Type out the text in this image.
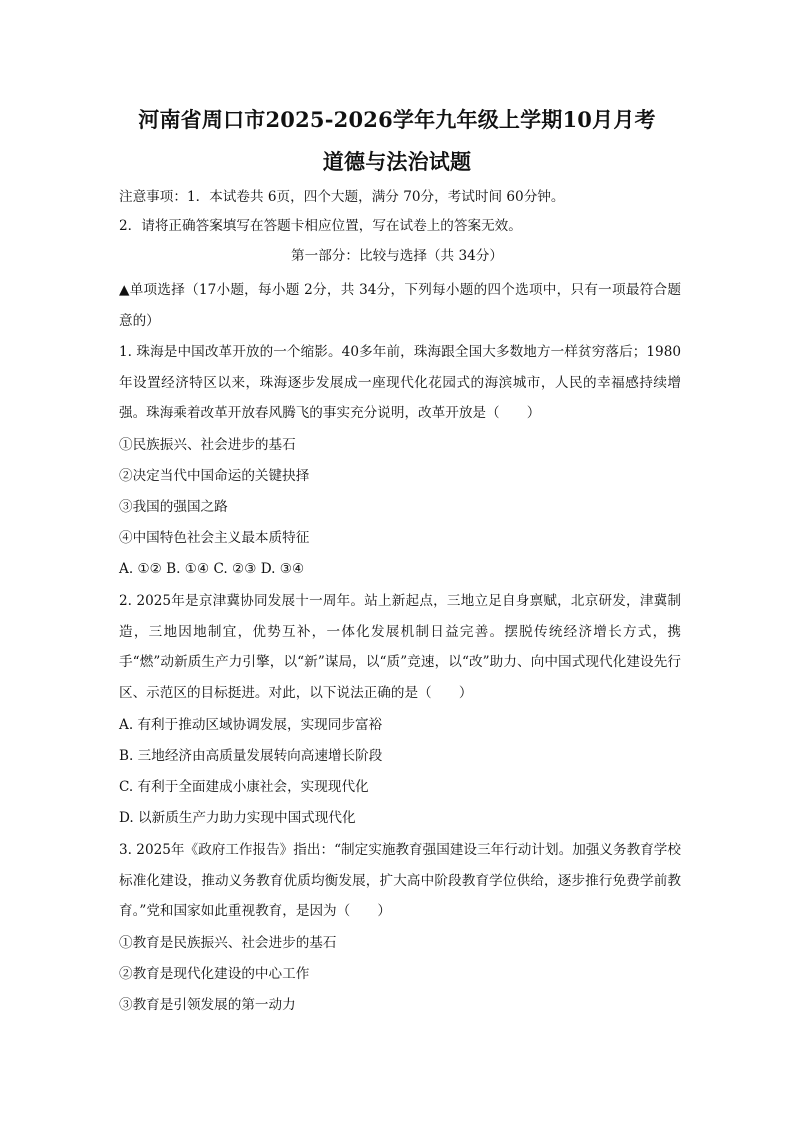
河南省周口市2025-2026学年九年级上学期10月月考
道德与法治试题
注意事项：1．本试卷共 6页，四个大题，满分 70分，考试时间 60分钟。
2．请将正确答案填写在答题卡相应位置，写在试卷上的答案无效。
第一部分：比较与选择（共 34分）
▲单项选择（17小题，每小题 2分，共 34分，下列每小题的四个选项中，只有一项最符合题意的）
1. 珠海是中国改革开放的一个缩影。40多年前，珠海跟全国大多数地方一样贫穷落后；1980年设置经济特区以来，珠海逐步发展成一座现代化花园式的海滨城市，人民的幸福感持续增强。珠海乘着改革开放春风腾飞的事实充分说明，改革开放是（　　）
①民族振兴、社会进步的基石
②决定当代中国命运的关键抉择
③我国的强国之路
④中国特色社会主义最本质特征
A. ①② B. ①④ C. ②③ D. ③④
2. 2025年是京津冀协同发展十一周年。站上新起点，三地立足自身禀赋，北京研发，津冀制造，三地因地制宜，优势互补，一体化发展机制日益完善。摆脱传统经济增长方式，携手“燃”动新质生产力引擎，以“新”谋局，以“质”竞速，以“改”助力、向中国式现代化建设先行区、示范区的目标挺进。对此，以下说法正确的是（　　）
A. 有利于推动区域协调发展，实现同步富裕
B. 三地经济由高质量发展转向高速增长阶段
C. 有利于全面建成小康社会，实现现代化
D. 以新质生产力助力实现中国式现代化
3. 2025年《政府工作报告》指出：“制定实施教育强国建设三年行动计划。加强义务教育学校标准化建设，推动义务教育优质均衡发展，扩大高中阶段教育学位供给，逐步推行免费学前教育。”党和国家如此重视教育，是因为（　　）
①教育是民族振兴、社会进步的基石
②教育是现代化建设的中心工作
③教育是引领发展的第一动力
